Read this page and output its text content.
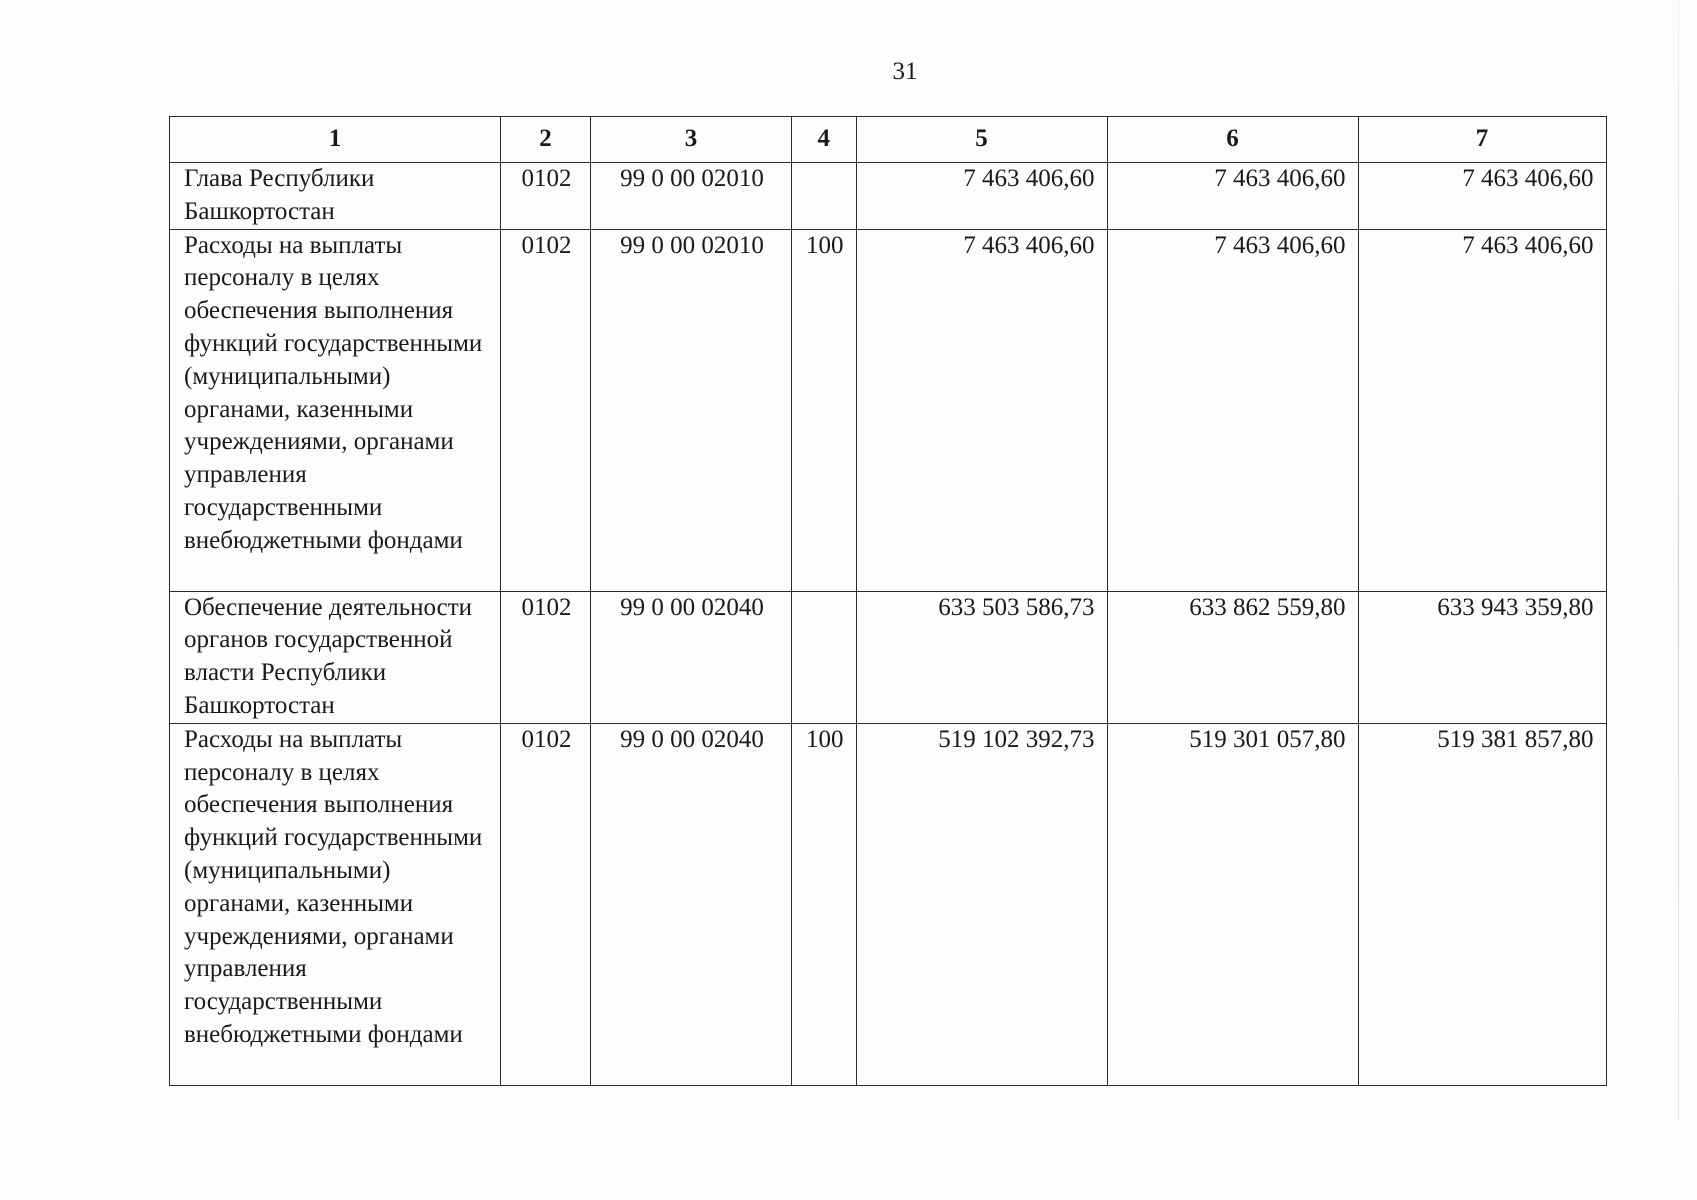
31
1	2	3	4	5	6	7
Глава Республики Башкортостан	0102	99 0 00 02010		7 463 406,60	7 463 406,60	7 463 406,60
Расходы на выплаты персоналу в целях обеспечения выполнения функций государственными (муниципальными) органами, казенными учреждениями, органами управления государственными внебюджетными фондами	0102	99 0 00 02010	100	7 463 406,60	7 463 406,60	7 463 406,60
Обеспечение деятельности органов государственной власти Республики Башкортостан	0102	99 0 00 02040		633 503 586,73	633 862 559,80	633 943 359,80
Расходы на выплаты персоналу в целях обеспечения выполнения функций государственными (муниципальными) органами, казенными учреждениями, органами управления государственными внебюджетными фондами	0102	99 0 00 02040	100	519 102 392,73	519 301 057,80	519 381 857,80
